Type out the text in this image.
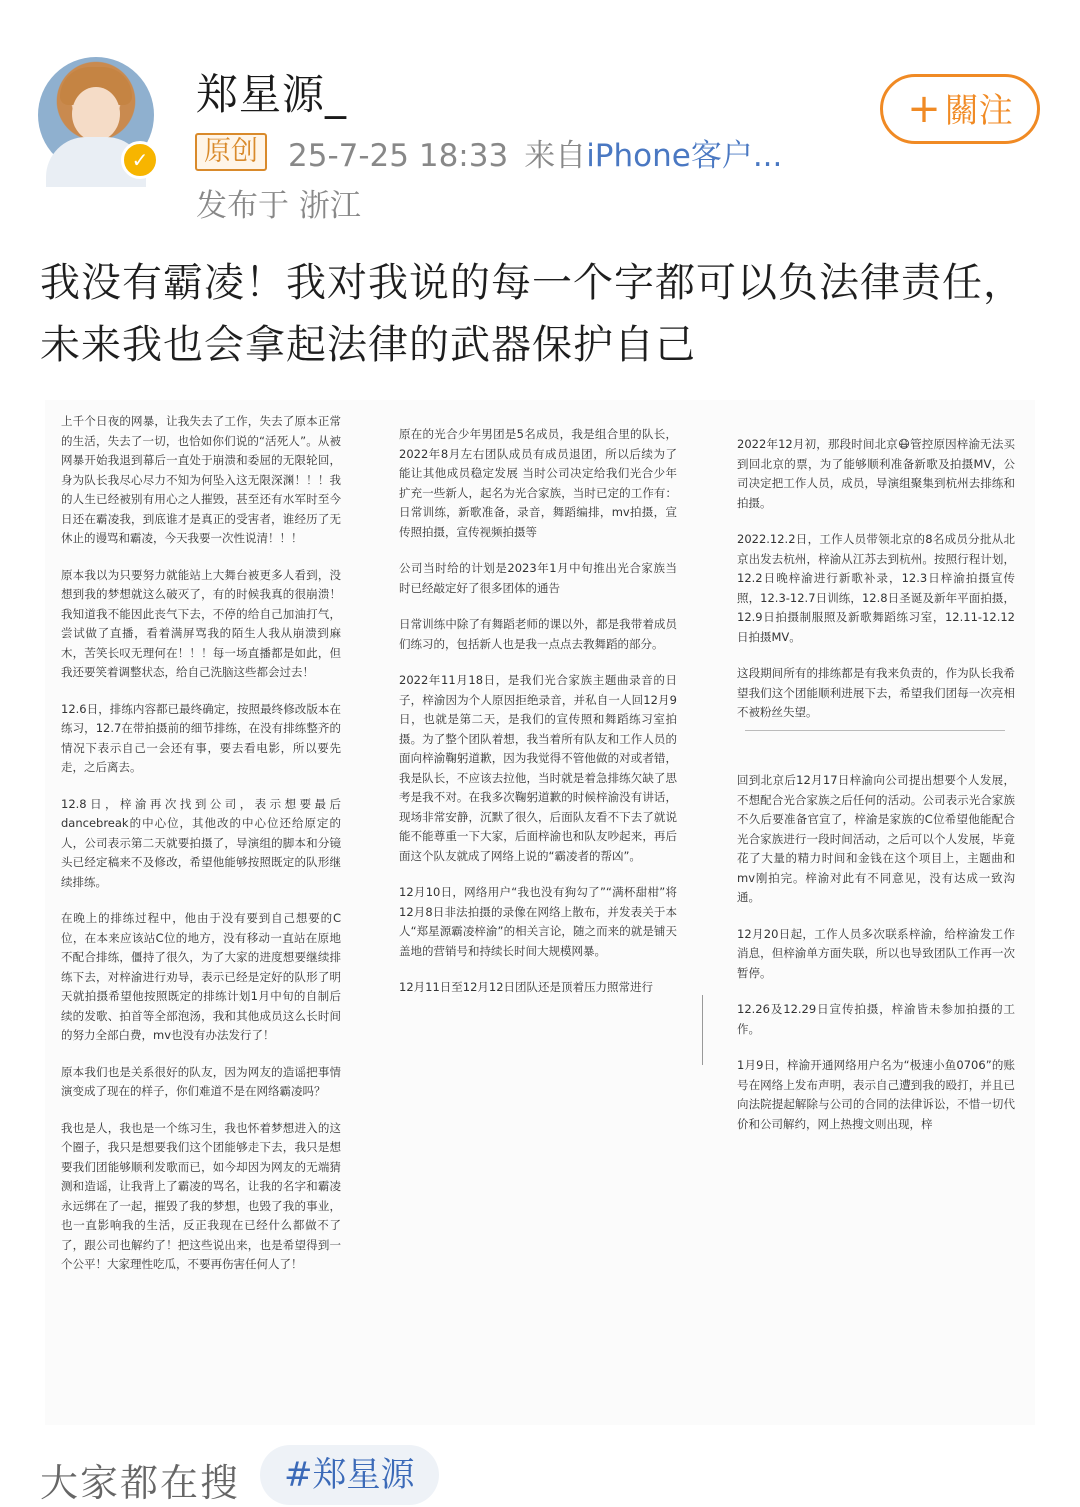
✓
郑星源_
原创 25-7-25 18:33 来自iPhone客户...
发布于 浙江
+ 關注
我没有霸凌！我对我说的每一个字都可以负法律责任，未来我也会拿起法律的武器保护自己

上千个日夜的网暴，让我失去了工作，失去了原本正常的生活，失去了一切，也恰如你们说的“活死人”。从被网暴开始我退到幕后一直处于崩溃和委屈的无限轮回，身为队长我尽心尽力不知为何坠入这无限深渊！！！我的人生已经被别有用心之人摧毁，甚至还有水军时至今日还在霸凌我，到底谁才是真正的受害者，谁经历了无休止的谩骂和霸凌，今天我要一次性说清！！！

原本我以为只要努力就能站上大舞台被更多人看到，没想到我的梦想就这么破灭了，有的时候我真的很崩溃！我知道我不能因此丧气下去，不停的给自己加油打气，尝试做了直播，看着满屏骂我的陌生人我从崩溃到麻木，苦笑长叹无理何在！！！每一场直播都是如此，但我还要笑着调整状态，给自己洗脑这些都会过去！

12.6日，排练内容都已最终确定，按照最终修改版本在练习，12.7在带拍摄前的细节排练，在没有排练整齐的情况下表示自己一会还有事，要去看电影，所以要先走，之后离去。

12.8日，梓渝再次找到公司，表示想要最后dancebreak的中心位，其他改的中心位还给原定的人，公司表示第二天就要拍摄了，导演组的脚本和分镜头已经定稿来不及修改，希望他能够按照既定的队形继续排练。

在晚上的排练过程中，他由于没有要到自己想要的C位，在本来应该站C位的地方，没有移动一直站在原地不配合排练，僵持了很久，为了大家的进度想要继续排练下去，对梓渝进行劝导，表示已经是定好的队形了明天就拍摄希望他按照既定的排练计划1月中旬的自制后续的发歌、拍首等全部泡汤，我和其他成员这么长时间的努力全部白费，mv也没有办法发行了！

原本我们也是关系很好的队友，因为网友的造谣把事情演变成了现在的样子，你们难道不是在网络霸凌吗？

我也是人，我也是一个练习生，我也怀着梦想进入的这个圈子，我只是想要我们这个团能够走下去，我只是想要我们团能够顺利发歌而已，如今却因为网友的无端猜测和造谣，让我背上了霸凌的骂名，让我的名字和霸凌永远绑在了一起，摧毁了我的梦想，也毁了我的事业，也一直影响我的生活，反正我现在已经什么都做不了了，跟公司也解约了！把这些说出来，也是希望得到一个公平！大家理性吃瓜，不要再伤害任何人了！

原在的光合少年男团是5名成员，我是组合里的队长，2022年8月左右团队成员有成员退团，所以后续为了能让其他成员稳定发展 当时公司决定给我们光合少年扩充一些新人，起名为光合家族，当时已定的工作有：日常训练，新歌准备，录音，舞蹈编排，mv拍摄，宣传照拍摄，宣传视频拍摄等

公司当时给的计划是2023年1月中旬推出光合家族当时已经敲定好了很多团体的通告

日常训练中除了有舞蹈老师的课以外，都是我带着成员们练习的，包括新人也是我一点点去教舞蹈的部分。

2022年11月18日，是我们光合家族主题曲录音的日子，梓渝因为个人原因拒绝录音，并私自一人回12月9日，也就是第二天，是我们的宣传照和舞蹈练习室拍摄。为了整个团队着想，我当着所有队友和工作人员的面向梓渝鞠躬道歉，因为我觉得不管他做的对或者错，我是队长，不应该去拉他，当时就是着急排练欠缺了思考是我不对。在我多次鞠躬道歉的时候梓渝没有讲话，现场非常安静，沉默了很久，后面队友看不下去了就说能不能尊重一下大家，后面梓渝也和队友吵起来，再后面这个队友就成了网络上说的“霸凌者的帮凶”。

12月10日，网络用户“我也没有狗勾了”“满杯甜柑”将12月8日非法拍摄的录像在网络上散布，并发表关于本人“郑星源霸凌梓渝”的相关言论，随之而来的就是铺天盖地的营销号和持续长时间大规模网暴。

12月11日至12月12日团队还是顶着压力照常进行

2022年12月初，那段时间北京😷管控原因梓渝无法买到回北京的票，为了能够顺利准备新歌及拍摄MV，公司决定把工作人员，成员，导演组聚集到杭州去排练和拍摄。

2022.12.2日，工作人员带领北京的8名成员分批从北京出发去杭州，梓渝从江苏去到杭州。按照行程计划，12.2日晚梓渝进行新歌补录，12.3日梓渝拍摄宣传照，12.3-12.7日训练，12.8日圣诞及新年平面拍摄，12.9日拍摄制服照及新歌舞蹈练习室，12.11-12.12日拍摄MV。

这段期间所有的排练都是有我来负责的，作为队长我希望我们这个团能顺利进展下去，希望我们团每一次亮相不被粉丝失望。

回到北京后12月17日梓渝向公司提出想要个人发展，不想配合光合家族之后任何的活动。公司表示光合家族不久后要准备官宣了，梓渝是家族的C位希望他能配合光合家族进行一段时间活动，之后可以个人发展，毕竟花了大量的精力时间和金钱在这个项目上，主题曲和mv刚拍完。梓渝对此有不同意见，没有达成一致沟通。

12月20日起，工作人员多次联系梓渝，给梓渝发工作消息，但梓渝单方面失联，所以也导致团队工作再一次暂停。

12.26及12.29日宣传拍摄，梓渝皆未参加拍摄的工作。

1月9日，梓渝开通网络用户名为“极速小鱼0706”的账号在网络上发布声明，表示自己遭到我的殴打，并且已向法院提起解除与公司的合同的法律诉讼，不惜一切代价和公司解约，网上热搜文则出现，梓

大家都在搜	#郑星源
